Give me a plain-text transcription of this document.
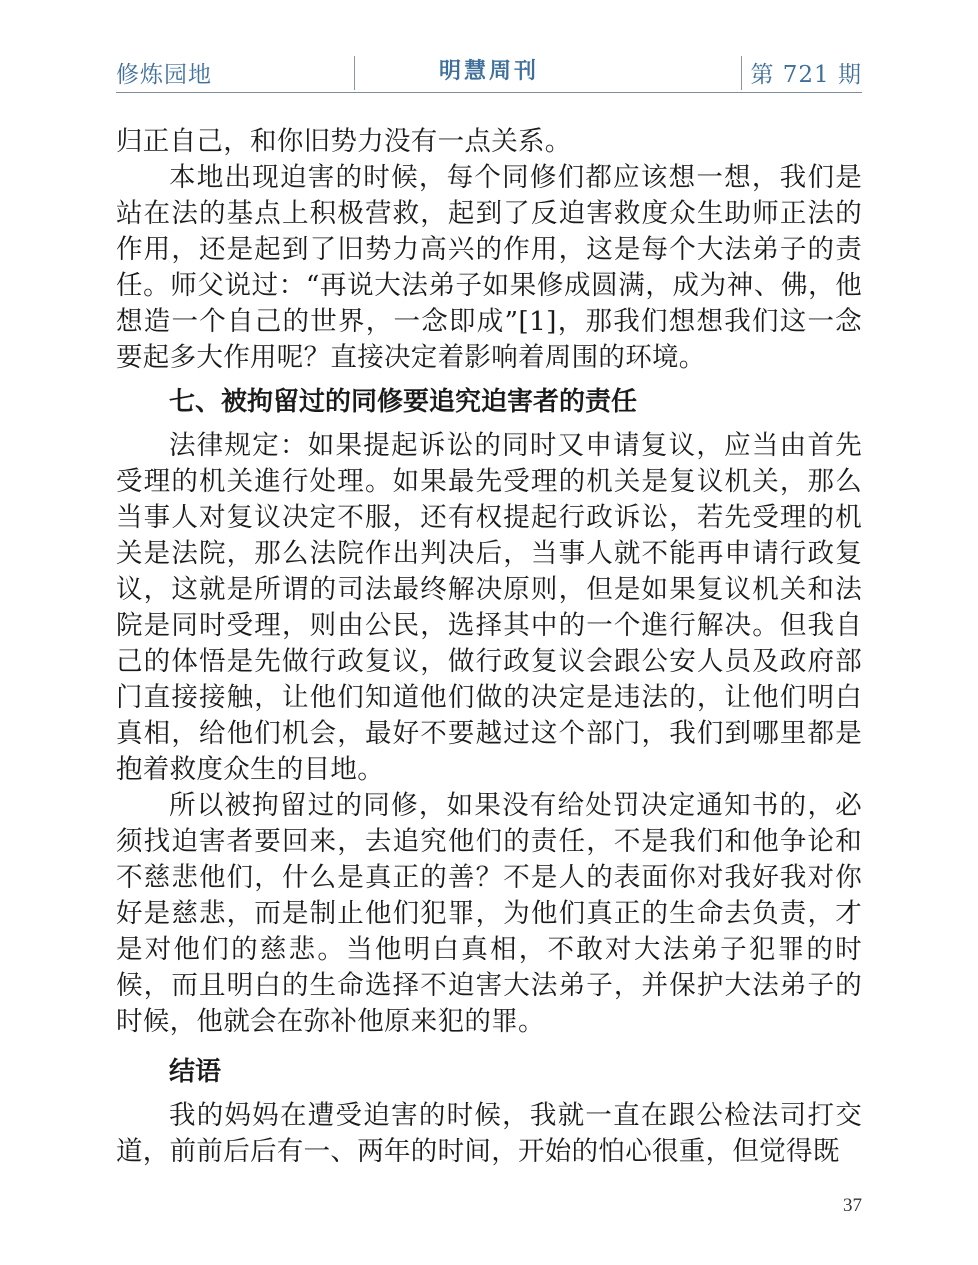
修炼园地	明慧周刊	第 721 期

归正自己，和你旧势力没有一点关系。

本地出现迫害的时候，每个同修们都应该想一想，我们是站在法的基点上积极营救，起到了反迫害救度众生助师正法的作用，还是起到了旧势力高兴的作用，这是每个大法弟子的责任。师父说过：“再说大法弟子如果修成圆满，成为神、佛，他想造一个自己的世界，一念即成”[1]，那我们想想我们这一念要起多大作用呢？直接决定着影响着周围的环境。

七、被拘留过的同修要追究迫害者的责任

法律规定：如果提起诉讼的同时又申请复议，应当由首先受理的机关進行处理。如果最先受理的机关是复议机关，那么当事人对复议决定不服，还有权提起行政诉讼，若先受理的机关是法院，那么法院作出判决后，当事人就不能再申请行政复议，这就是所谓的司法最终解决原则，但是如果复议机关和法院是同时受理，则由公民，选择其中的一个進行解决。但我自己的体悟是先做行政复议，做行政复议会跟公安人员及政府部门直接接触，让他们知道他们做的决定是违法的，让他们明白真相，给他们机会，最好不要越过这个部门，我们到哪里都是抱着救度众生的目地。

所以被拘留过的同修，如果没有给处罚决定通知书的，必须找迫害者要回来，去追究他们的责任，不是我们和他争论和不慈悲他们，什么是真正的善？不是人的表面你对我好我对你好是慈悲，而是制止他们犯罪，为他们真正的生命去负责，才是对他们的慈悲。当他明白真相，不敢对大法弟子犯罪的时候，而且明白的生命选择不迫害大法弟子，并保护大法弟子的时候，他就会在弥补他原来犯的罪。

结语

我的妈妈在遭受迫害的时候，我就一直在跟公检法司打交道，前前后后有一、两年的时间，开始的怕心很重，但觉得既

37
